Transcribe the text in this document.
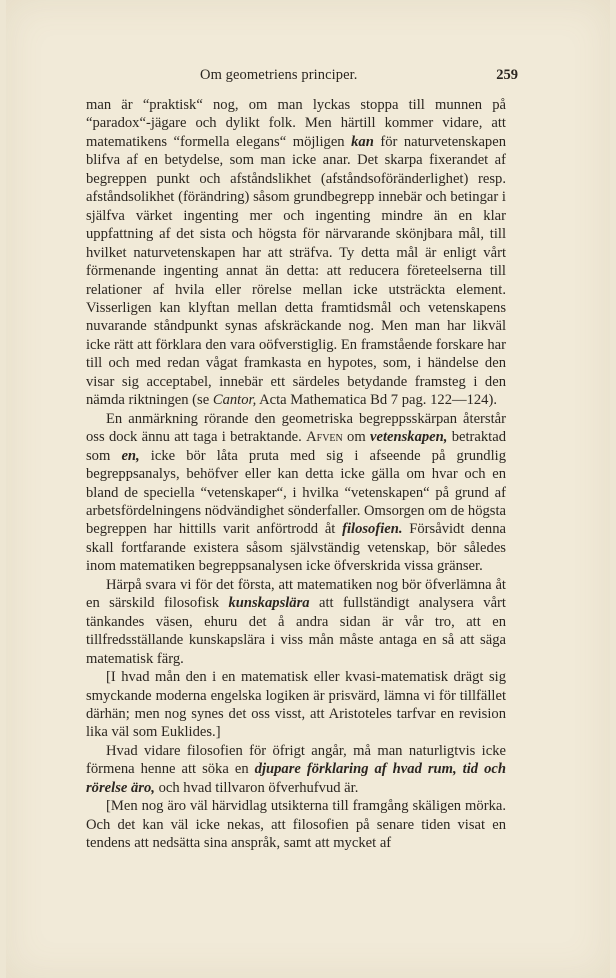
Om geometriens principer.	259

man är “praktisk“ nog, om man lyckas stoppa till munnen på “paradox“-jägare och dylikt folk. Men härtill kommer vidare, att matematikens “formella elegans“ möjligen kan för naturvetenskapen blifva af en betydelse, som man icke anar. Det skarpa fixerandet af begreppen punkt och afståndslikhet (afståndsoföränderlighet) resp. afståndsolikhet (förändring) såsom grundbegrepp innebär och betingar i själfva värket ingenting mer och ingenting mindre än en klar uppfattning af det sista och högsta för närvarande skönjbara mål, till hvilket naturvetenskapen har att sträfva. Ty detta mål är enligt vårt förmenande ingenting annat än detta: att reducera företeelserna till relationer af hvila eller rörelse mellan icke utsträckta element. Visserligen kan klyftan mellan detta framtidsmål och vetenskapens nuvarande ståndpunkt synas afskräckande nog. Men man har likväl icke rätt att förklara den vara oöfverstiglig. En framstående forskare har till och med redan vågat framkasta en hypotes, som, i händelse den visar sig acceptabel, innebär ett särdeles betydande framsteg i den nämda riktningen (se Cantor, Acta Mathematica Bd 7 pag. 122—124).

En anmärkning rörande den geometriska begreppsskärpan återstår oss dock ännu att taga i betraktande. Afven om vetenskapen, betraktad som en, icke bör låta pruta med sig i afseende på grundlig begreppsanalys, behöfver eller kan detta icke gälla om hvar och en bland de speciella “vetenskaper“, i hvilka “vetenskapen“ på grund af arbetsfördelningens nödvändighet sönderfaller. Omsorgen om de högsta begreppen har hittills varit anförtrodd åt filosofien. Försåvidt denna skall fortfarande existera såsom självständig vetenskap, bör således inom matematiken begreppsanalysen icke öfverskrida vissa gränser.

Härpå svara vi för det första, att matematiken nog bör öfverlämna åt en särskild filosofisk kunskapslära att fullständigt analysera vårt tänkandes väsen, ehuru det å andra sidan är vår tro, att en tillfredsställande kunskapslära i viss mån måste antaga en så att säga matematisk färg.

[I hvad mån den i en matematisk eller kvasi-matematisk drägt sig smyckande moderna engelska logiken är prisvärd, lämna vi för tillfället därhän; men nog synes det oss visst, att Aristoteles tarfvar en revision lika väl som Euklides.]

Hvad vidare filosofien för öfrigt angår, må man naturligtvis icke förmena henne att söka en djupare förklaring af hvad rum, tid och rörelse äro, och hvad tillvaron öfverhufvud är.

[Men nog äro väl härvidlag utsikterna till framgång skäligen mörka. Och det kan väl icke nekas, att filosofien på senare tiden visat en tendens att nedsätta sina anspråk, samt att mycket af
